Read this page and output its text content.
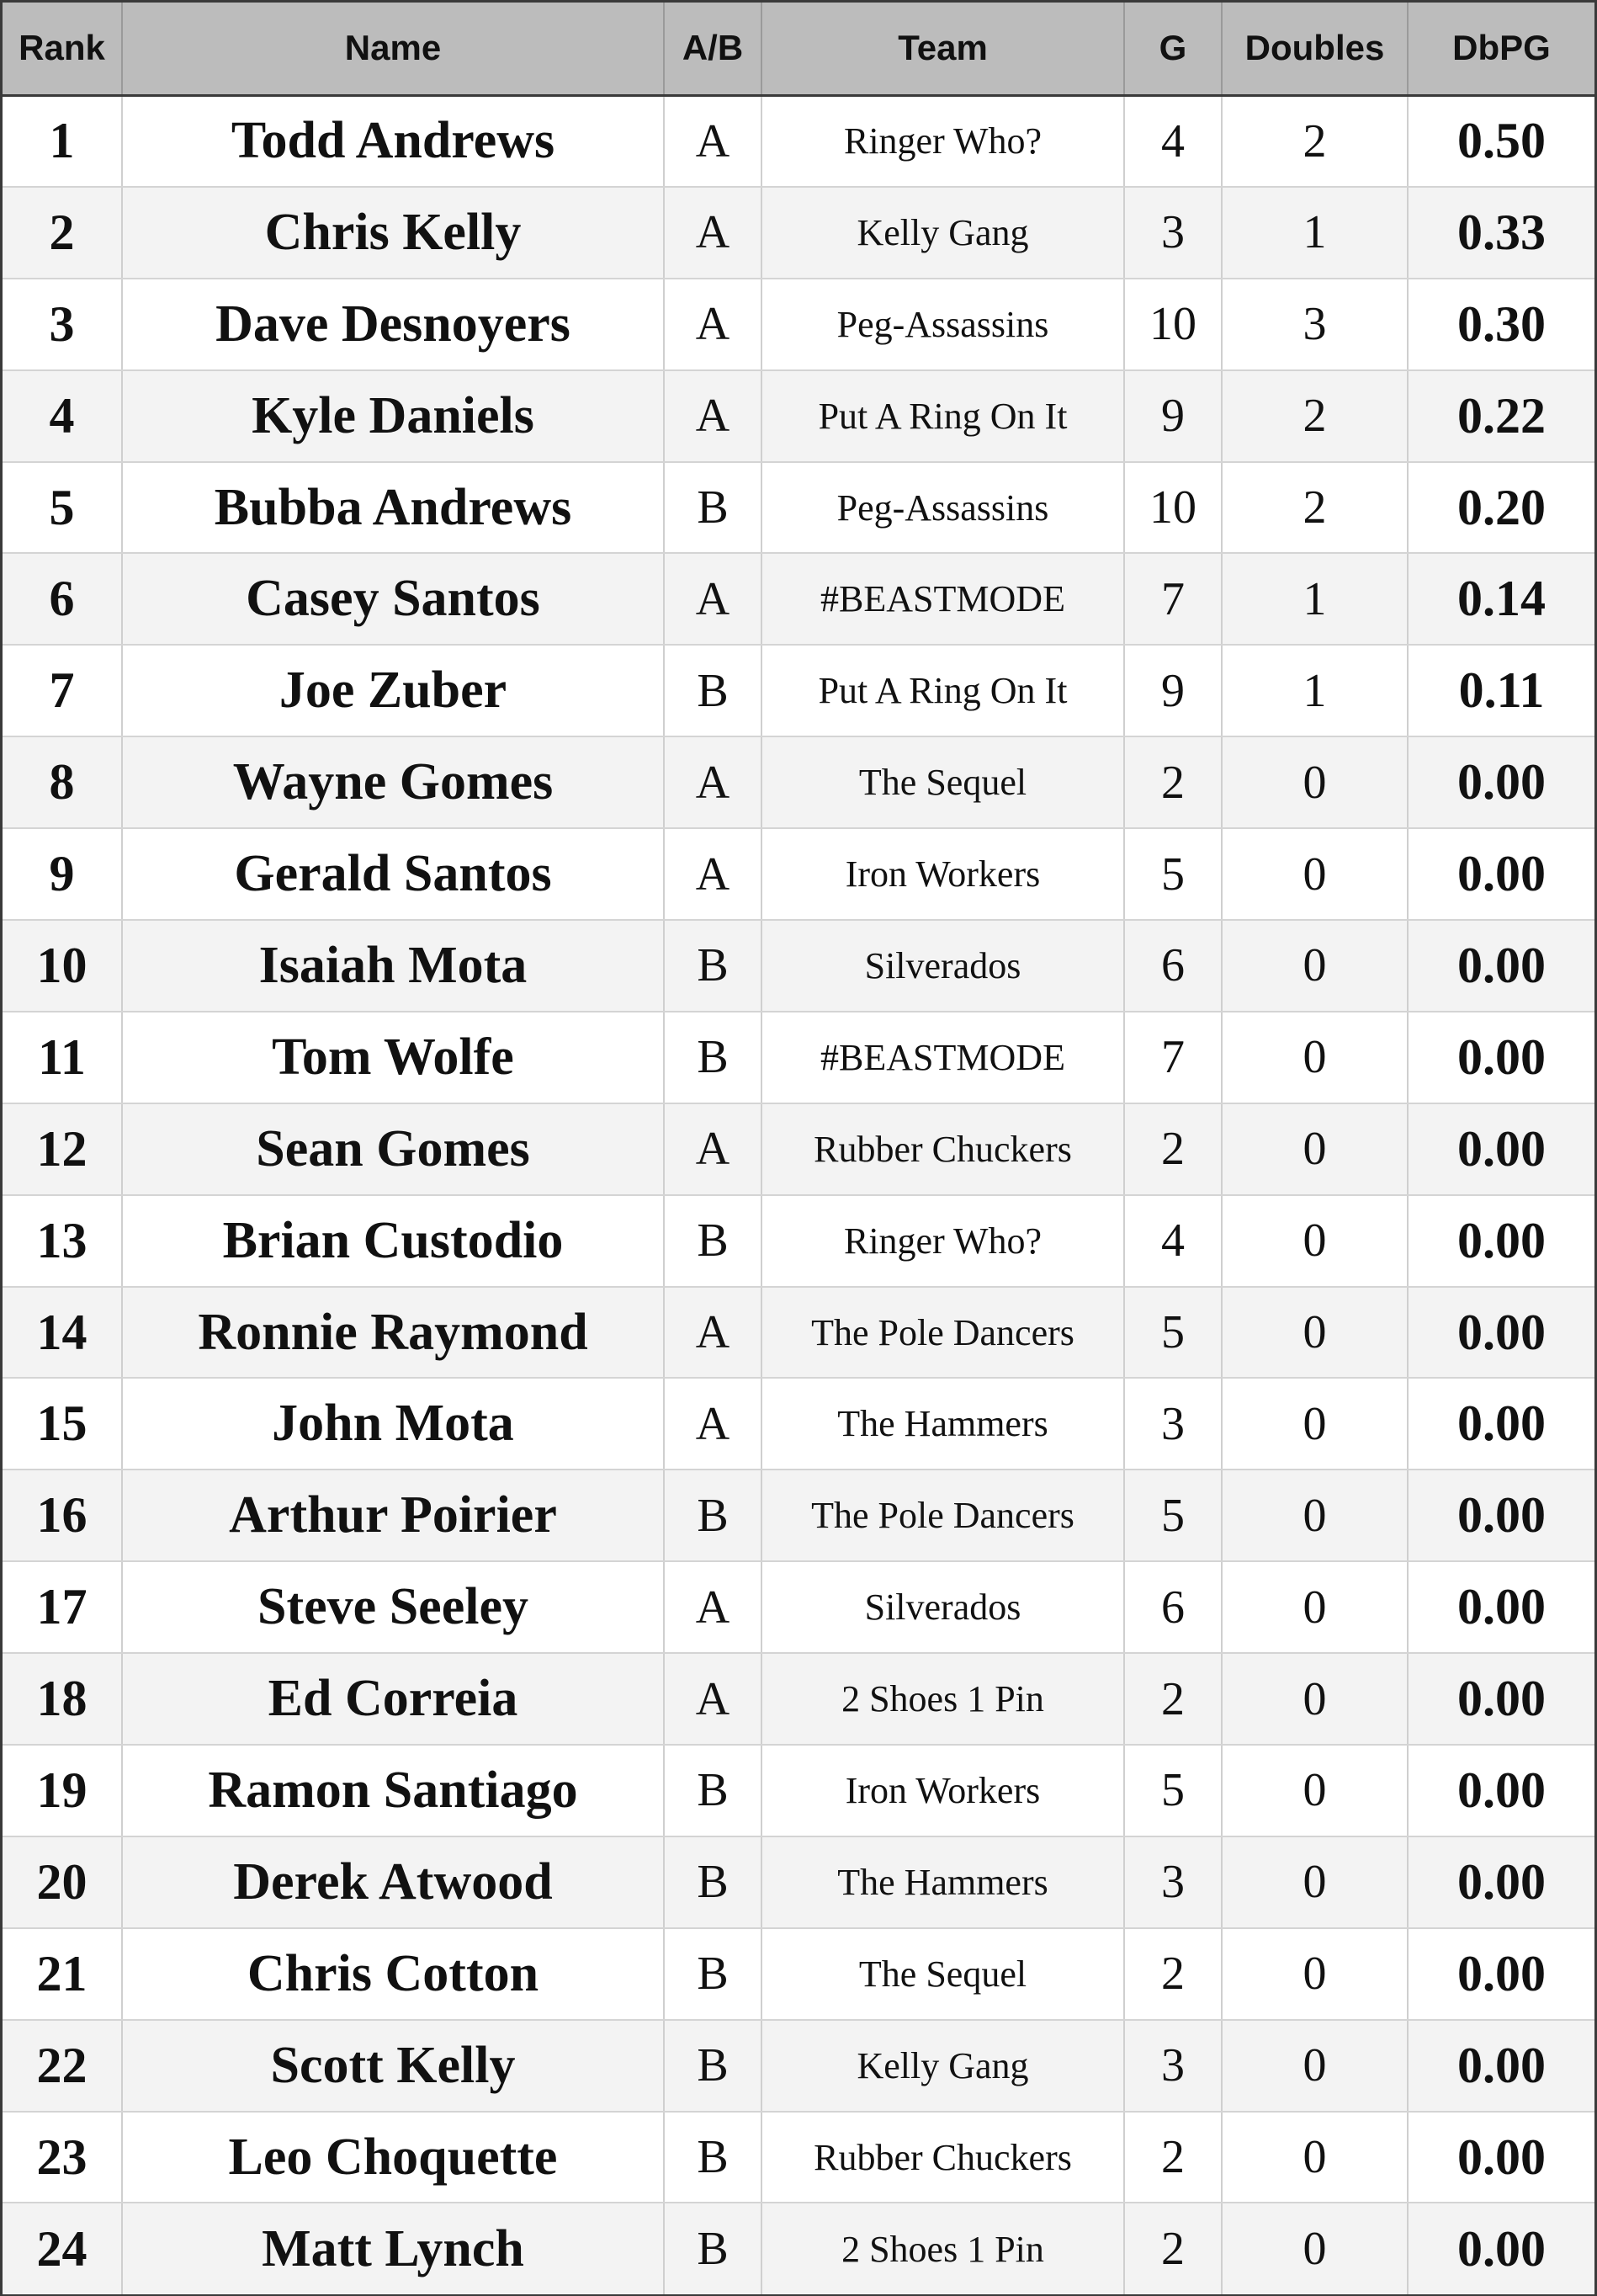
Rank	Name	A/B	Team	G	Doubles	DbPG
1	Todd Andrews	A	Ringer Who?	4	2	0.50
2	Chris Kelly	A	Kelly Gang	3	1	0.33
3	Dave Desnoyers	A	Peg-Assassins	10	3	0.30
4	Kyle Daniels	A	Put A Ring On It	9	2	0.22
5	Bubba Andrews	B	Peg-Assassins	10	2	0.20
6	Casey Santos	A	#BEASTMODE	7	1	0.14
7	Joe Zuber	B	Put A Ring On It	9	1	0.11
8	Wayne Gomes	A	The Sequel	2	0	0.00
9	Gerald Santos	A	Iron Workers	5	0	0.00
10	Isaiah Mota	B	Silverados	6	0	0.00
11	Tom Wolfe	B	#BEASTMODE	7	0	0.00
12	Sean Gomes	A	Rubber Chuckers	2	0	0.00
13	Brian Custodio	B	Ringer Who?	4	0	0.00
14	Ronnie Raymond	A	The Pole Dancers	5	0	0.00
15	John Mota	A	The Hammers	3	0	0.00
16	Arthur Poirier	B	The Pole Dancers	5	0	0.00
17	Steve Seeley	A	Silverados	6	0	0.00
18	Ed Correia	A	2 Shoes 1 Pin	2	0	0.00
19	Ramon Santiago	B	Iron Workers	5	0	0.00
20	Derek Atwood	B	The Hammers	3	0	0.00
21	Chris Cotton	B	The Sequel	2	0	0.00
22	Scott Kelly	B	Kelly Gang	3	0	0.00
23	Leo Choquette	B	Rubber Chuckers	2	0	0.00
24	Matt Lynch	B	2 Shoes 1 Pin	2	0	0.00
